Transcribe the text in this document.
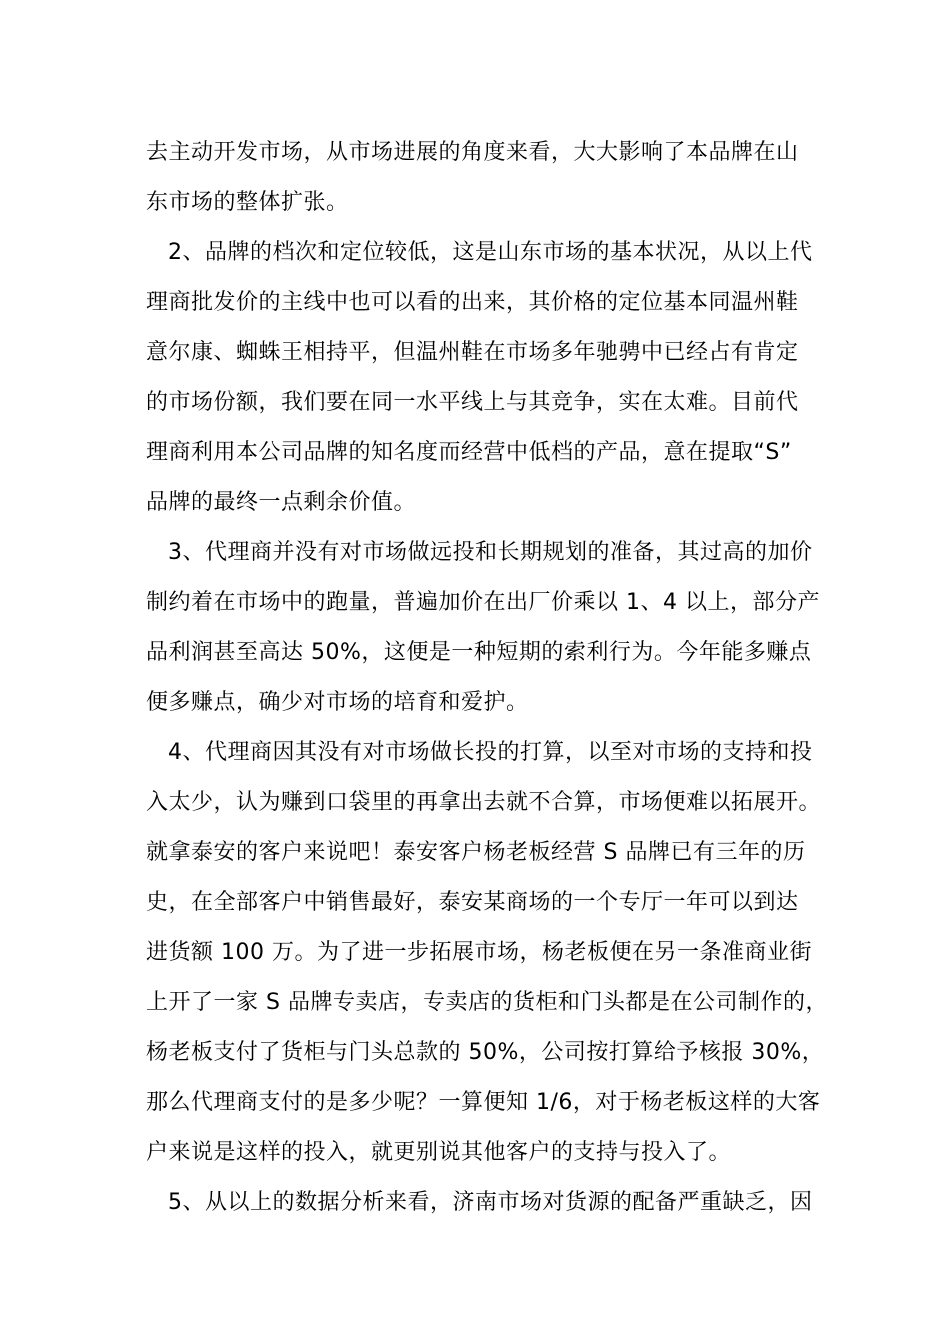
去主动开发市场，从市场进展的角度来看，大大影响了本品牌在山
东市场的整体扩张。
2、品牌的档次和定位较低，这是山东市场的基本状况，从以上代
理商批发价的主线中也可以看的出来，其价格的定位基本同温州鞋
意尔康、蜘蛛王相持平，但温州鞋在市场多年驰骋中已经占有肯定
的市场份额，我们要在同一水平线上与其竞争，实在太难。目前代
理商利用本公司品牌的知名度而经营中低档的产品，意在提取“S”
品牌的最终一点剩余价值。
3、代理商并没有对市场做远投和长期规划的准备，其过高的加价
制约着在市场中的跑量，普遍加价在出厂价乘以 1、4 以上，部分产
品利润甚至高达 50%，这便是一种短期的索利行为。今年能多赚点
便多赚点，确少对市场的培育和爱护。
4、代理商因其没有对市场做长投的打算，以至对市场的支持和投
入太少，认为赚到口袋里的再拿出去就不合算，市场便难以拓展开。
就拿泰安的客户来说吧！泰安客户杨老板经营 S 品牌已有三年的历
史，在全部客户中销售最好，泰安某商场的一个专厅一年可以到达
进货额 100 万。为了进一步拓展市场，杨老板便在另一条准商业街
上开了一家 S 品牌专卖店，专卖店的货柜和门头都是在公司制作的，
杨老板支付了货柜与门头总款的 50%，公司按打算给予核报 30%，
那么代理商支付的是多少呢？一算便知 1/6，对于杨老板这样的大客
户来说是这样的投入，就更别说其他客户的支持与投入了。
5、从以上的数据分析来看，济南市场对货源的配备严重缺乏，因
